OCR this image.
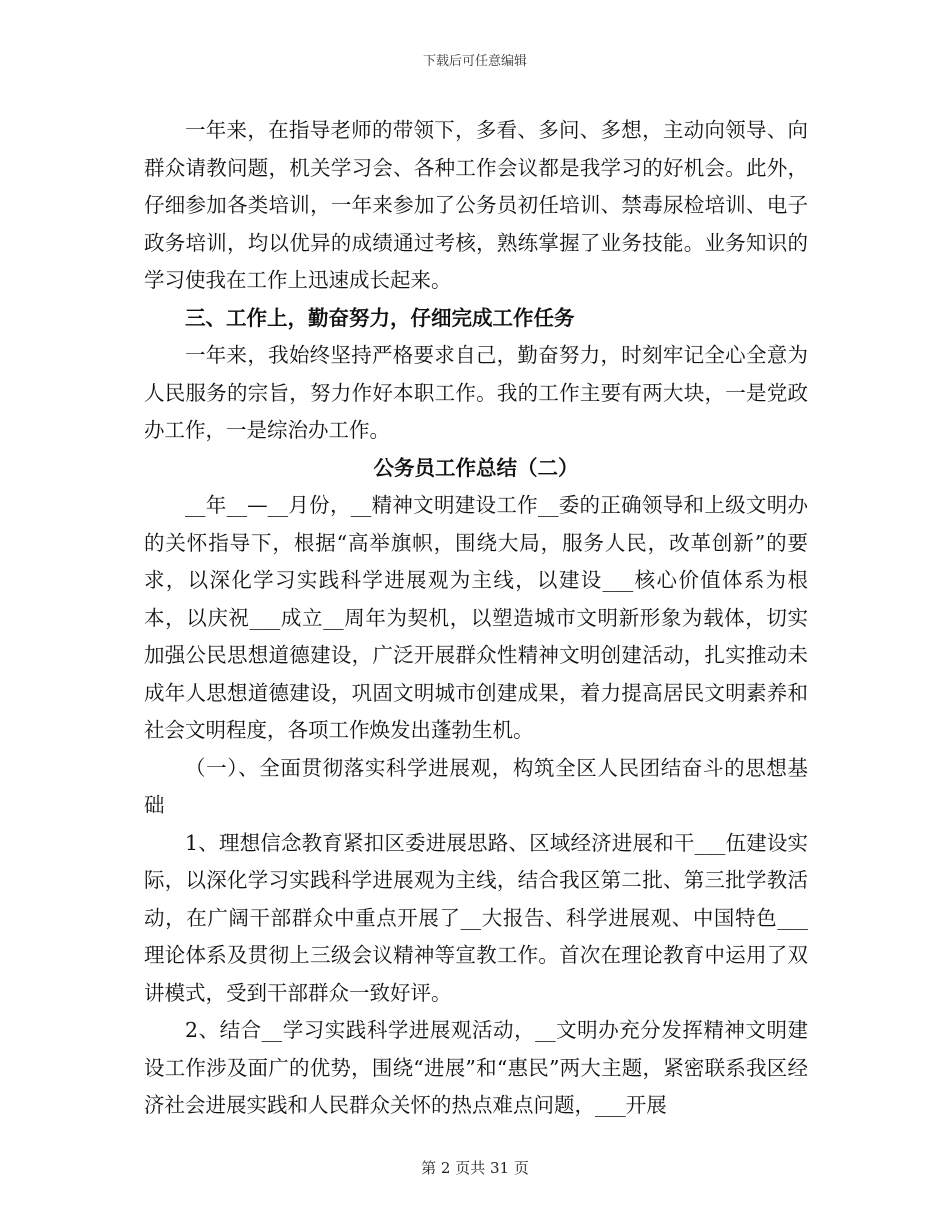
下载后可任意编辑

一年来，在指导老师的带领下，多看、多问、多想，主动向领导、向群众请教问题，机关学习会、各种工作会议都是我学习的好机会。此外，仔细参加各类培训，一年来参加了公务员初任培训、禁毒尿检培训、电子政务培训，均以优异的成绩通过考核，熟练掌握了业务技能。业务知识的学习使我在工作上迅速成长起来。

三、工作上，勤奋努力，仔细完成工作任务

一年来，我始终坚持严格要求自己，勤奋努力，时刻牢记全心全意为人民服务的宗旨，努力作好本职工作。我的工作主要有两大块，一是党政办工作，一是综治办工作。

公务员工作总结（二）

__年__—__月份，__精神文明建设工作__委的正确领导和上级文明办的关怀指导下，根据“高举旗帜，围绕大局，服务人民，改革创新”的要求，以深化学习实践科学进展观为主线，以建设___核心价值体系为根本，以庆祝___成立__周年为契机，以塑造城市文明新形象为载体，切实加强公民思想道德建设，广泛开展群众性精神文明创建活动，扎实推动未成年人思想道德建设，巩固文明城市创建成果，着力提高居民文明素养和社会文明程度，各项工作焕发出蓬勃生机。

（一）、全面贯彻落实科学进展观，构筑全区人民团结奋斗的思想基础

1、理想信念教育紧扣区委进展思路、区域经济进展和干___伍建设实际，以深化学习实践科学进展观为主线，结合我区第二批、第三批学教活动，在广阔干部群众中重点开展了__大报告、科学进展观、中国特色___理论体系及贯彻上三级会议精神等宣教工作。首次在理论教育中运用了双讲模式，受到干部群众一致好评。

2、结合__学习实践科学进展观活动，__文明办充分发挥精神文明建设工作涉及面广的优势，围绕“进展”和“惠民”两大主题，紧密联系我区经济社会进展实践和人民群众关怀的热点难点问题，___开展

第 2 页共 31 页
